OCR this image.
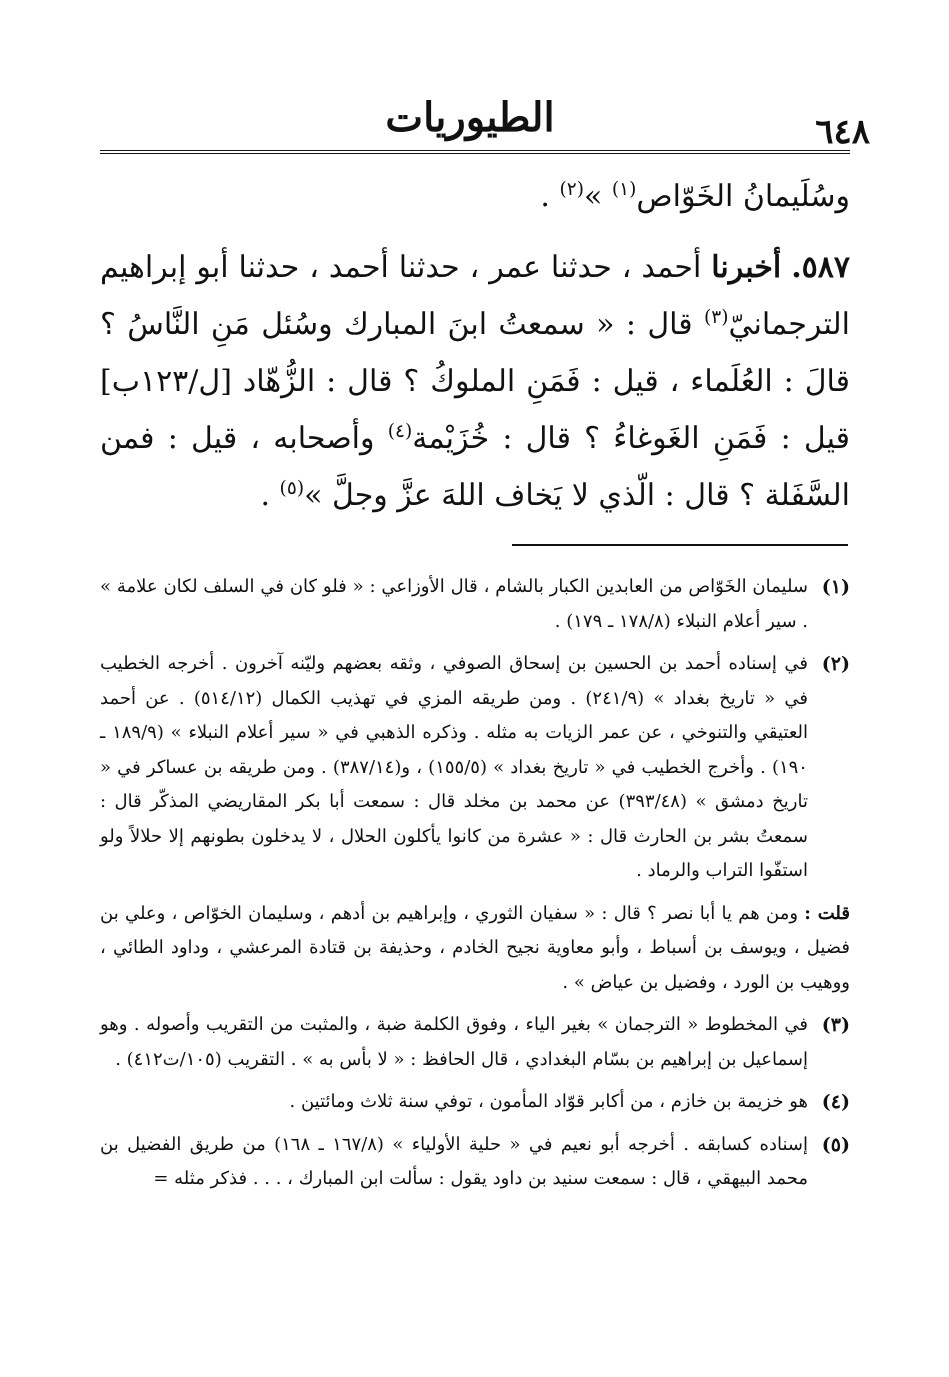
٦٤٨
الطيوريات

وسُلَيمانُ الخَوّاص$^{(١)}$ »$^{(٢)}$ .

٥٨٧. أخبرنا أحمد ، حدثنا عمر ، حدثنا أحمد ، حدثنا أبو إبراهيم الترجمانيّ$^{(٣)}$ قال : « سمعتُ ابنَ المبارك وسُئل مَنِ النَّاسُ ؟ قالَ : العُلَماء ، قيل : فَمَنِ الملوكُ ؟ قال : الزُّهّاد [ل/١٢٣ب] قيل : فَمَنِ الغَوغاءُ ؟ قال : خُزَيْمة$^{(٤)}$ وأصحابه ، قيل : فمن السَّفَلة ؟ قال : الّذي لا يَخاف اللهَ عزَّ وجلَّ »$^{(٥)}$ .

(١)
سليمان الخَوّاص من العابدين الكبار بالشام ، قال الأوزاعي : « فلو كان في السلف لكان علامة » . سير أعلام النبلاء (١٧٨/٨ ـ ١٧٩) .

(٢)
في إسناده أحمد بن الحسين بن إسحاق الصوفي ، وثقه بعضهم وليّنه آخرون . أخرجه الخطيب في « تاريخ بغداد » (٢٤١/٩) . ومن طريقه المزي في تهذيب الكمال (٥١٤/١٢) . عن أحمد العتيقي والتنوخي ، عن عمر الزيات به مثله . وذكره الذهبي في « سير أعلام النبلاء » (١٨٩/٩ ـ ١٩٠) . وأخرج الخطيب في « تاريخ بغداد » (١٥٥/٥) ، و(٣٨٧/١٤) . ومن طريقه بن عساكر في « تاريخ دمشق » (٣٩٣/٤٨) عن محمد بن مخلد قال : سمعت أبا بكر المقاريضي المذكّر قال : سمعتُ بشر بن الحارث قال : « عشرة من كانوا يأكلون الحلال ، لا يدخلون بطونهم إلا حلالاً ولو استفّوا التراب والرماد .

قلت : ومن هم يا أبا نصر ؟ قال : « سفيان الثوري ، وإبراهيم بن أدهم ، وسليمان الخوّاص ، وعلي بن فضيل ، ويوسف بن أسباط ، وأبو معاوية نجيح الخادم ، وحذيفة بن قتادة المرعشي ، وداود الطائي ، ووهيب بن الورد ، وفضيل بن عياض » .

(٣)
في المخطوط « الترجمان » بغير الياء ، وفوق الكلمة ضبة ، والمثبت من التقريب وأصوله . وهو إسماعيل بن إبراهيم بن بسّام البغدادي ، قال الحافظ : « لا بأس به » . التقريب (١٠٥/ت٤١٢) .

(٤)
هو خزيمة بن خازم ، من أكابر قوّاد المأمون ، توفي سنة ثلاث ومائتين .

(٥)
إسناده كسابقه . أخرجه أبو نعيم في « حلية الأولياء » (١٦٧/٨ ـ ١٦٨) من طريق الفضيل بن محمد البيهقي ، قال : سمعت سنيد بن داود يقول : سألت ابن المبارك ، . . . فذكر مثله =
